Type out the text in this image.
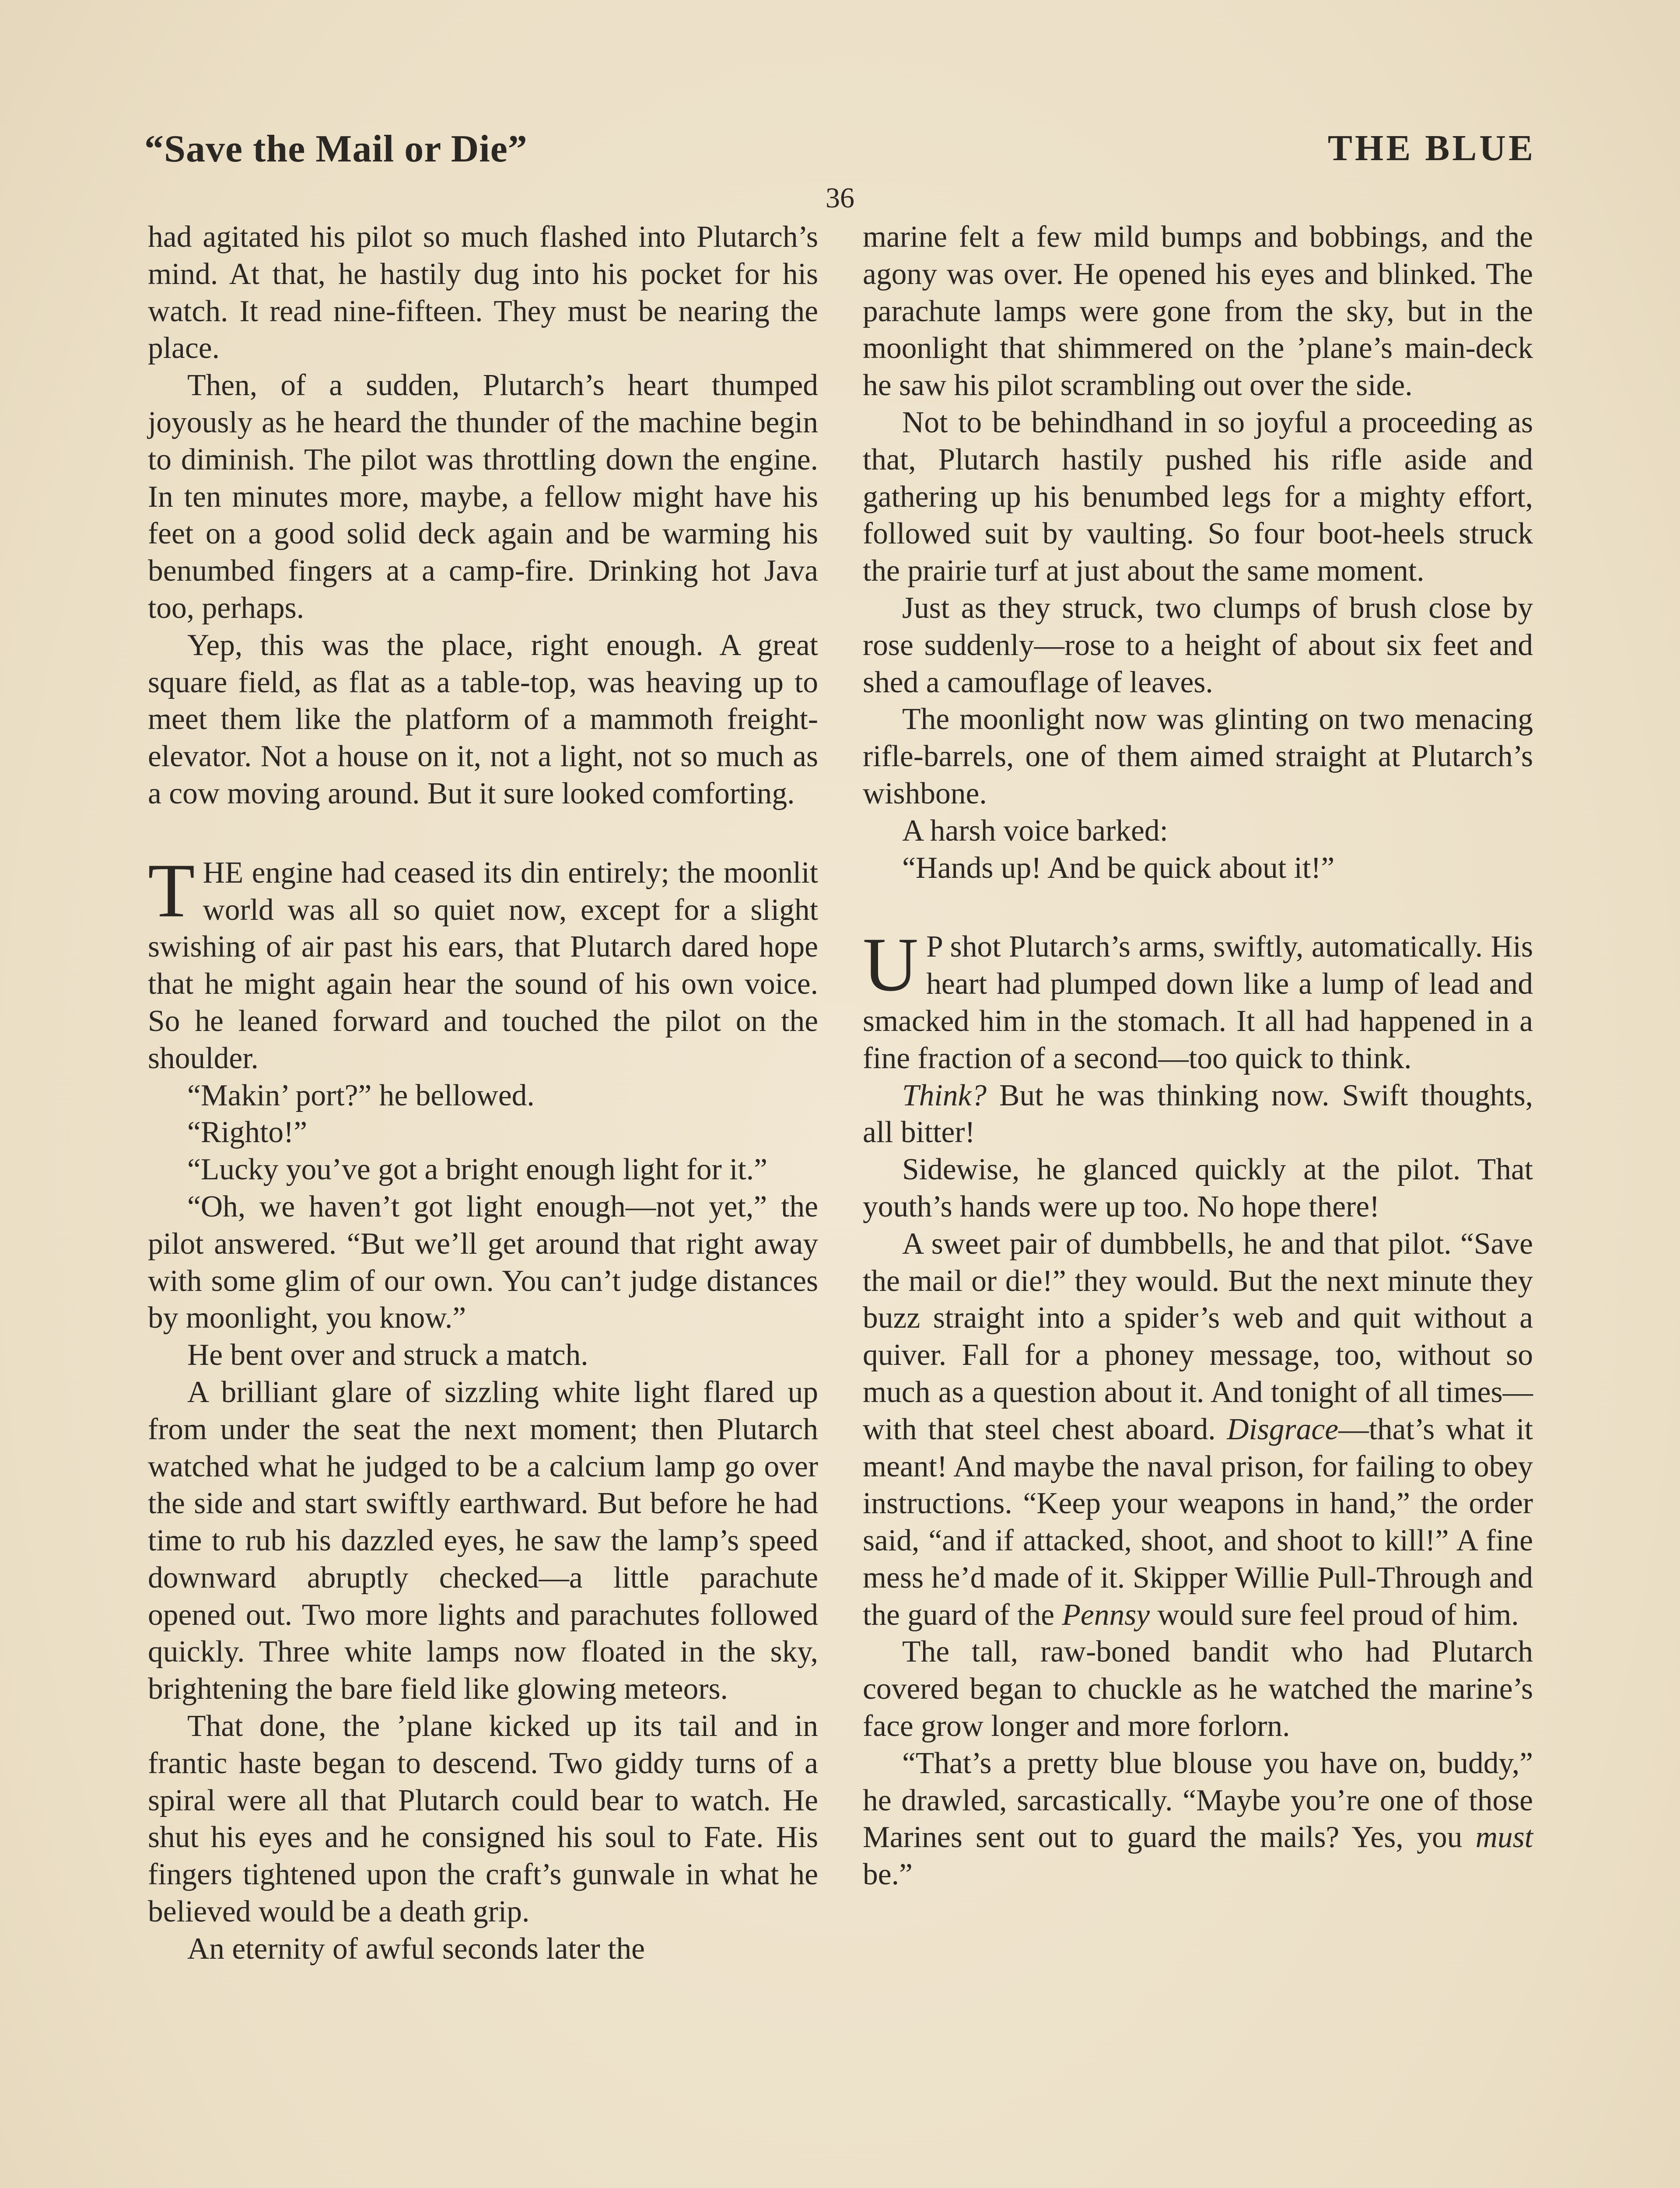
“Save the Mail or Die”	THE BLUE
36

had agitated his pilot so much flashed into Plutarch’s mind. At that, he hastily dug into his pocket for his watch. It read nine-fifteen. They must be nearing the place.

Then, of a sudden, Plutarch’s heart thumped joyously as he heard the thunder of the machine begin to diminish. The pilot was throttling down the engine. In ten minutes more, maybe, a fellow might have his feet on a good solid deck again and be warming his benumbed fingers at a camp-fire. Drinking hot Java too, perhaps.

Yep, this was the place, right enough. A great square field, as flat as a table-top, was heaving up to meet them like the platform of a mammoth freight-elevator. Not a house on it, not a light, not so much as a cow moving around. But it sure looked comforting.

THE engine had ceased its din entirely; the moonlit world was all so quiet now, except for a slight swishing of air past his ears, that Plutarch dared hope that he might again hear the sound of his own voice. So he leaned forward and touched the pilot on the shoulder.

“Makin’ port?” he bellowed.

“Righto!”

“Lucky you’ve got a bright enough light for it.”

“Oh, we haven’t got light enough—not yet,” the pilot answered. “But we’ll get around that right away with some glim of our own. You can’t judge distances by moonlight, you know.”

He bent over and struck a match.

A brilliant glare of sizzling white light flared up from under the seat the next moment; then Plutarch watched what he judged to be a calcium lamp go over the side and start swiftly earthward. But before he had time to rub his dazzled eyes, he saw the lamp’s speed downward abruptly checked—a little parachute opened out. Two more lights and parachutes followed quickly. Three white lamps now floated in the sky, brightening the bare field like glowing meteors.

That done, the ’plane kicked up its tail and in frantic haste began to descend. Two giddy turns of a spiral were all that Plutarch could bear to watch. He shut his eyes and he consigned his soul to Fate. His fingers tightened upon the craft’s gunwale in what he believed would be a death grip.

An eternity of awful seconds later the

marine felt a few mild bumps and bobbings, and the agony was over. He opened his eyes and blinked. The parachute lamps were gone from the sky, but in the moonlight that shimmered on the ’plane’s main-deck he saw his pilot scrambling out over the side.

Not to be behindhand in so joyful a proceeding as that, Plutarch hastily pushed his rifle aside and gathering up his benumbed legs for a mighty effort, followed suit by vaulting. So four boot-heels struck the prairie turf at just about the same moment.

Just as they struck, two clumps of brush close by rose suddenly—rose to a height of about six feet and shed a camouflage of leaves.

The moonlight now was glinting on two menacing rifle-barrels, one of them aimed straight at Plutarch’s wishbone.

A harsh voice barked:

“Hands up! And be quick about it!”

U P shot Plutarch’s arms, swiftly, automatically. His heart had plumped down like a lump of lead and smacked him in the stomach. It all had happened in a fine fraction of a second—too quick to think.

Think? But he was thinking now. Swift thoughts, all bitter!

Sidewise, he glanced quickly at the pilot. That youth’s hands were up too. No hope there!

A sweet pair of dumbbells, he and that pilot. “Save the mail or die!” they would. But the next minute they buzz straight into a spider’s web and quit without a quiver. Fall for a phoney message, too, without so much as a question about it. And tonight of all times—with that steel chest aboard. Disgrace—that’s what it meant! And maybe the naval prison, for failing to obey instructions. “Keep your weapons in hand,” the order said, “and if attacked, shoot, and shoot to kill!” A fine mess he’d made of it. Skipper Willie Pull-Through and the guard of the Pennsy would sure feel proud of him.

The tall, raw-boned bandit who had Plutarch covered began to chuckle as he watched the marine’s face grow longer and more forlorn.

“That’s a pretty blue blouse you have on, buddy,” he drawled, sarcastically. “Maybe you’re one of those Marines sent out to guard the mails? Yes, you must be.”
